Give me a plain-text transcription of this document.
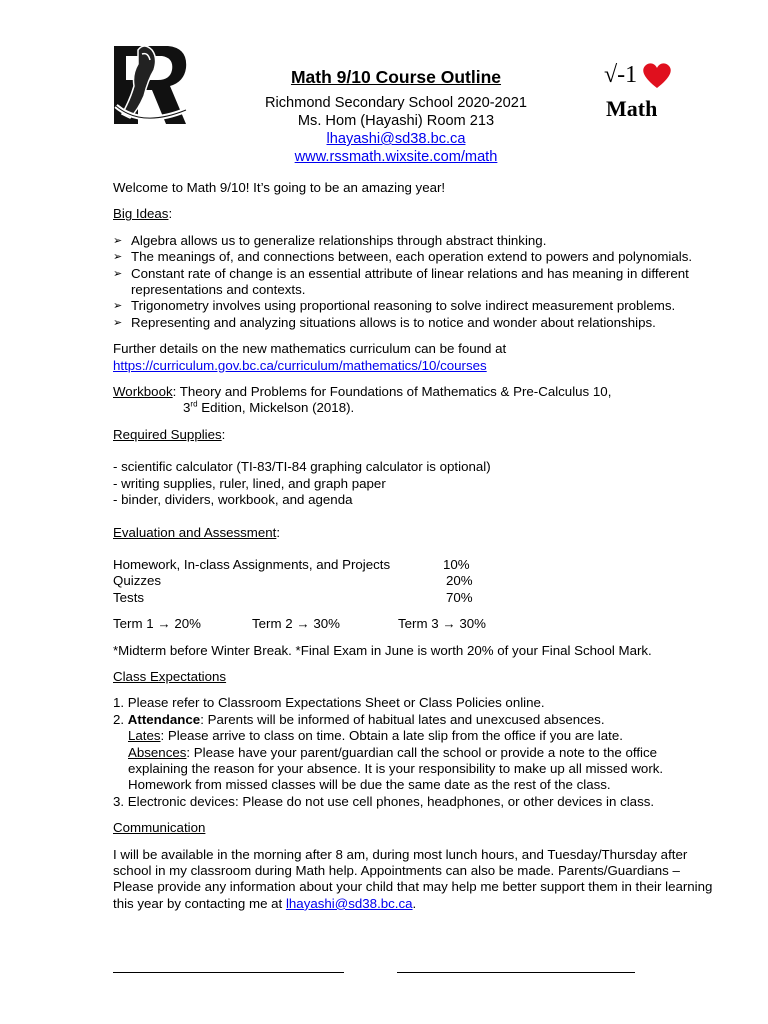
√-1
Math
Math 9/10 Course Outline
Richmond Secondary School 2020-2021
Ms. Hom (Hayashi) Room 213
lhayashi@sd38.bc.ca
www.rssmath.wixsite.com/math

Welcome to Math 9/10! It’s going to be an amazing year!

Big Ideas:

➢ Algebra allows us to generalize relationships through abstract thinking.
➢ The meanings of, and connections between, each operation extend to powers and polynomials.
➢ Constant rate of change is an essential attribute of linear relations and has meaning in different representations and contexts.
➢ Trigonometry involves using proportional reasoning to solve indirect measurement problems.
➢ Representing and analyzing situations allows is to notice and wonder about relationships.

Further details on the new mathematics curriculum can be found at

https://curriculum.gov.bc.ca/curriculum/mathematics/10/courses

Workbook: Theory and Problems for Foundations of Mathematics & Pre-Calculus 10,

3rd Edition, Mickelson (2018).

Required Supplies:

- scientific calculator (TI-83/TI-84 graphing calculator is optional)

- writing supplies, ruler, lined, and graph paper

- binder, dividers, workbook, and agenda

Evaluation and Assessment:

Homework, In-class Assignments, and Projects	10%
Quizzes	20%
Tests	70%
Term 1 → 20%	Term 2 → 30%	Term 3 → 30%

*Midterm before Winter Break. *Final Exam in June is worth 20% of your Final School Mark.

Class Expectations

1. Please refer to Classroom Expectations Sheet or Class Policies online.

2. Attendance: Parents will be informed of habitual lates and unexcused absences.

Lates: Please arrive to class on time. Obtain a late slip from the office if you are late.

Absences: Please have your parent/guardian call the school or provide a note to the office explaining the reason for your absence. It is your responsibility to make up all missed work. Homework from missed classes will be due the same date as the rest of the class.

3. Electronic devices: Please do not use cell phones, headphones, or other devices in class.

Communication

I will be available in the morning after 8 am, during most lunch hours, and Tuesday/Thursday after school in my classroom during Math help. Appointments can also be made. Parents/Guardians – Please provide any information about your child that may help me better support them in their learning this year by contacting me at lhayashi@sd38.bc.ca.
